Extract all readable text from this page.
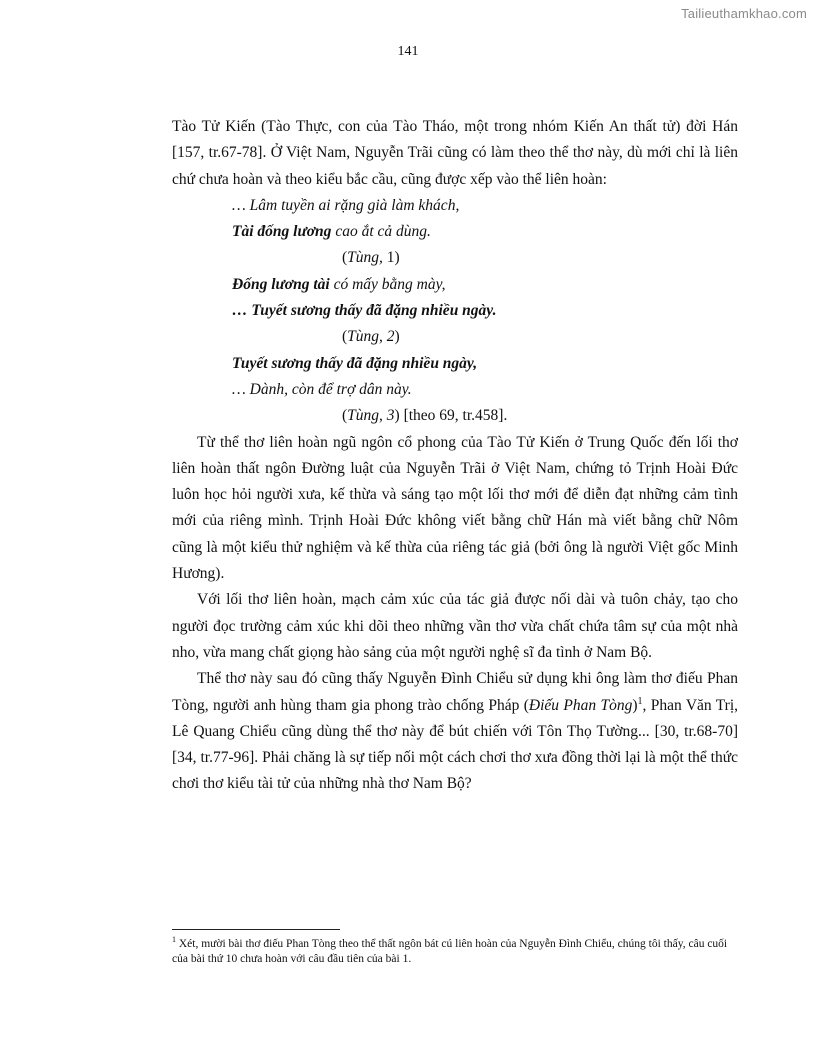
Tailieuthamkhao.com
141

Tào Tử Kiến (Tào Thực, con của Tào Tháo, một trong nhóm Kiến An thất tử) đời Hán [157, tr.67-78]. Ở Việt Nam, Nguyễn Trãi cũng có làm theo thể thơ này, dù mới chỉ là liên chứ chưa hoàn và theo kiểu bắc cầu, cũng được xếp vào thể liên hoàn:

… Lâm tuyền ai rặng già làm khách,
Tài đống lương cao ắt cả dùng.
(Tùng, 1)
Đống lương tài có mấy bằng mày,
… Tuyết sương thấy đã đặng nhiều ngày.
(Tùng, 2)
Tuyết sương thấy đã đặng nhiều ngày,
… Dành, còn để trợ dân này.
(Tùng, 3) [theo 69, tr.458].

Từ thể thơ liên hoàn ngũ ngôn cổ phong của Tào Tử Kiến ở Trung Quốc đến lối thơ liên hoàn thất ngôn Đường luật của Nguyễn Trãi ở Việt Nam, chứng tỏ Trịnh Hoài Đức luôn học hỏi người xưa, kế thừa và sáng tạo một lối thơ mới để diễn đạt những cảm tình mới của riêng mình. Trịnh Hoài Đức không viết bằng chữ Hán mà viết bằng chữ Nôm cũng là một kiểu thử nghiệm và kế thừa của riêng tác giả (bởi ông là người Việt gốc Minh Hương).

Với lối thơ liên hoàn, mạch cảm xúc của tác giả được nối dài và tuôn chảy, tạo cho người đọc trường cảm xúc khi dõi theo những vần thơ vừa chất chứa tâm sự của một nhà nho, vừa mang chất giọng hào sảng của một người nghệ sĩ đa tình ở Nam Bộ.

Thể thơ này sau đó cũng thấy Nguyễn Đình Chiểu sử dụng khi ông làm thơ điếu Phan Tòng, người anh hùng tham gia phong trào chống Pháp (Điếu Phan Tòng)$^1$, Phan Văn Trị, Lê Quang Chiểu cũng dùng thể thơ này để bút chiến với Tôn Thọ Tường... [30, tr.68-70] [34, tr.77-96]. Phải chăng là sự tiếp nối một cách chơi thơ xưa đồng thời lại là một thể thức chơi thơ kiểu tài tử của những nhà thơ Nam Bộ?

$^1$ Xét, mười bài thơ điếu Phan Tòng theo thể thất ngôn bát cú liên hoàn của Nguyễn Đình Chiểu, chúng tôi thấy, câu cuối của bài thứ 10 chưa hoàn với câu đầu tiên của bài 1.
